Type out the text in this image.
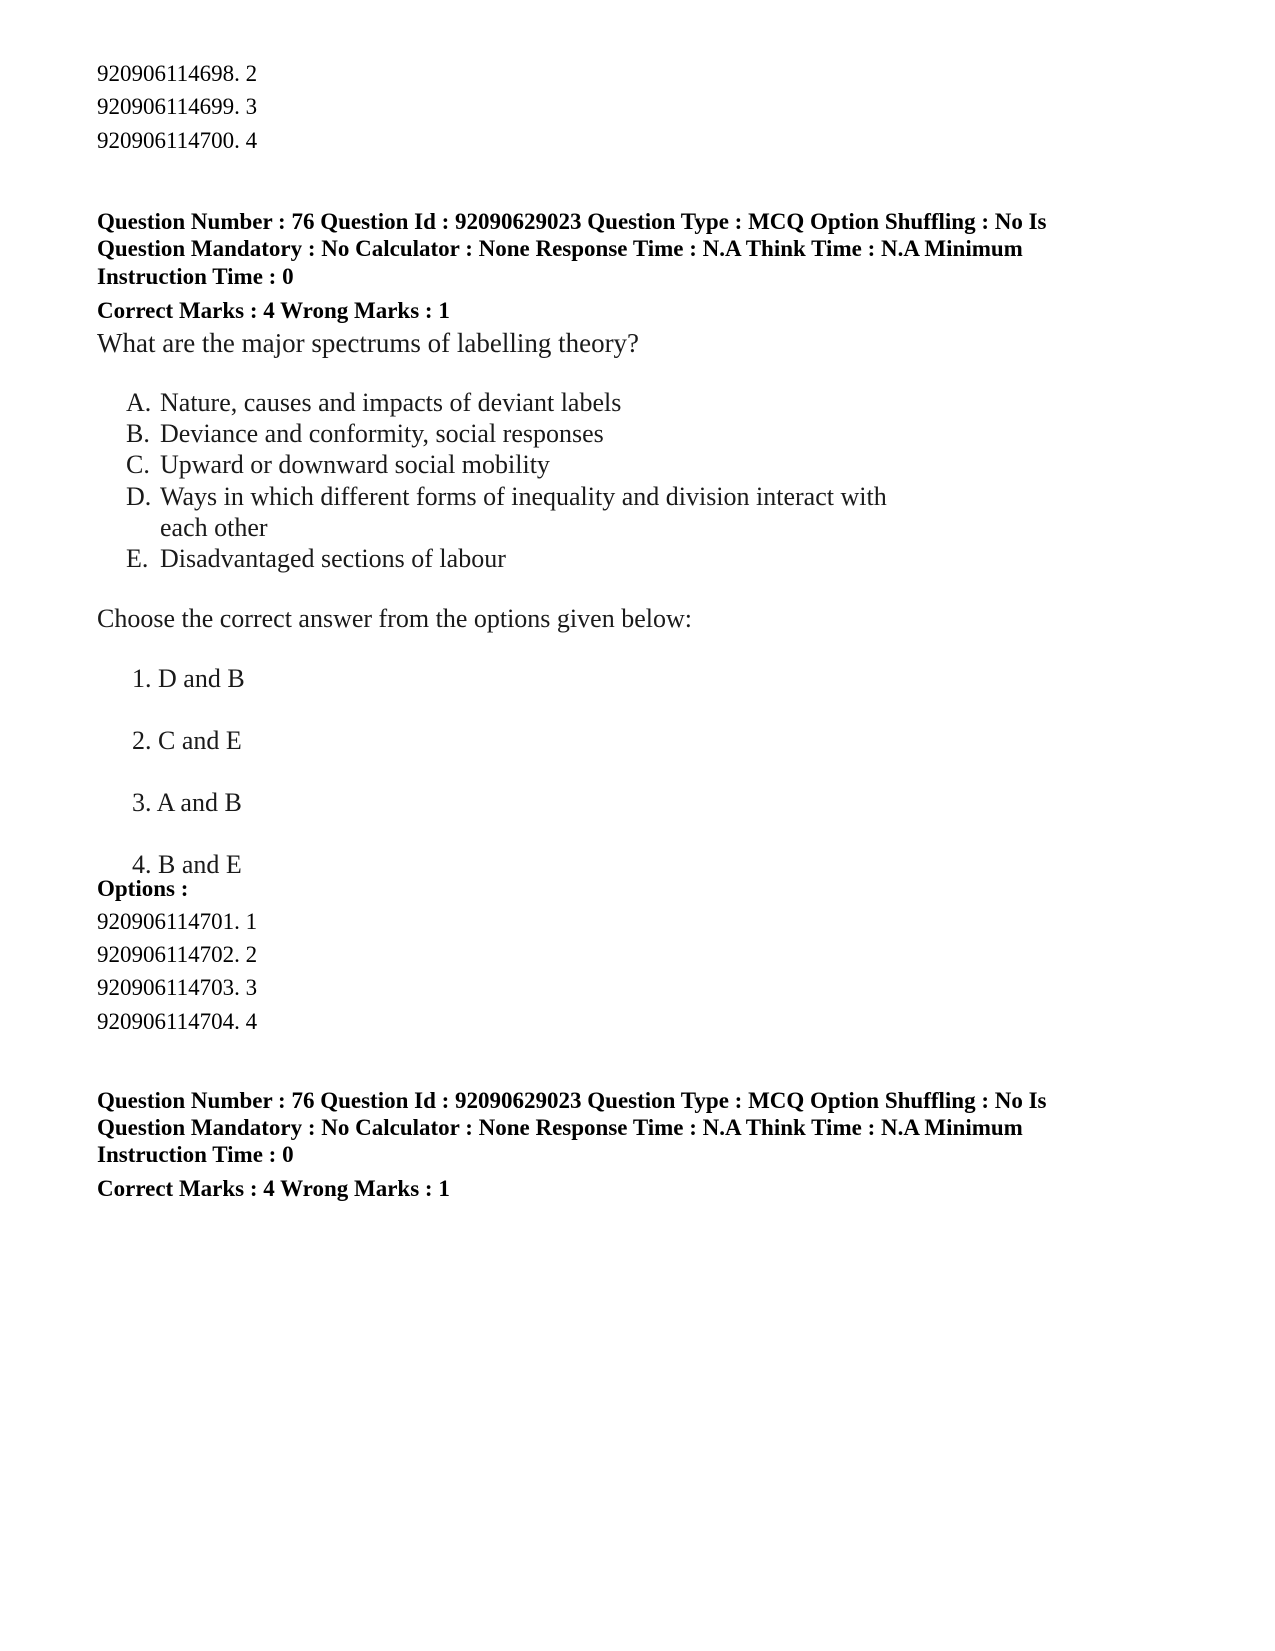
920906114698. 2
920906114699. 3
920906114700. 4
Question Number : 76 Question Id : 92090629023 Question Type : MCQ Option Shuffling : No Is
Question Mandatory : No Calculator : None Response Time : N.A Think Time : N.A Minimum
Instruction Time : 0
Correct Marks : 4 Wrong Marks : 1
What are the major spectrums of labelling theory?
A. Nature, causes and impacts of deviant labels
B. Deviance and conformity, social responses
C. Upward or downward social mobility
D. Ways in which different forms of inequality and division interact with
each other
E. Disadvantaged sections of labour
Choose the correct answer from the options given below:
1. D and B
2. C and E
3. A and B
4. B and E
Options :
920906114701. 1
920906114702. 2
920906114703. 3
920906114704. 4
Question Number : 76 Question Id : 92090629023 Question Type : MCQ Option Shuffling : No Is
Question Mandatory : No Calculator : None Response Time : N.A Think Time : N.A Minimum
Instruction Time : 0
Correct Marks : 4 Wrong Marks : 1
